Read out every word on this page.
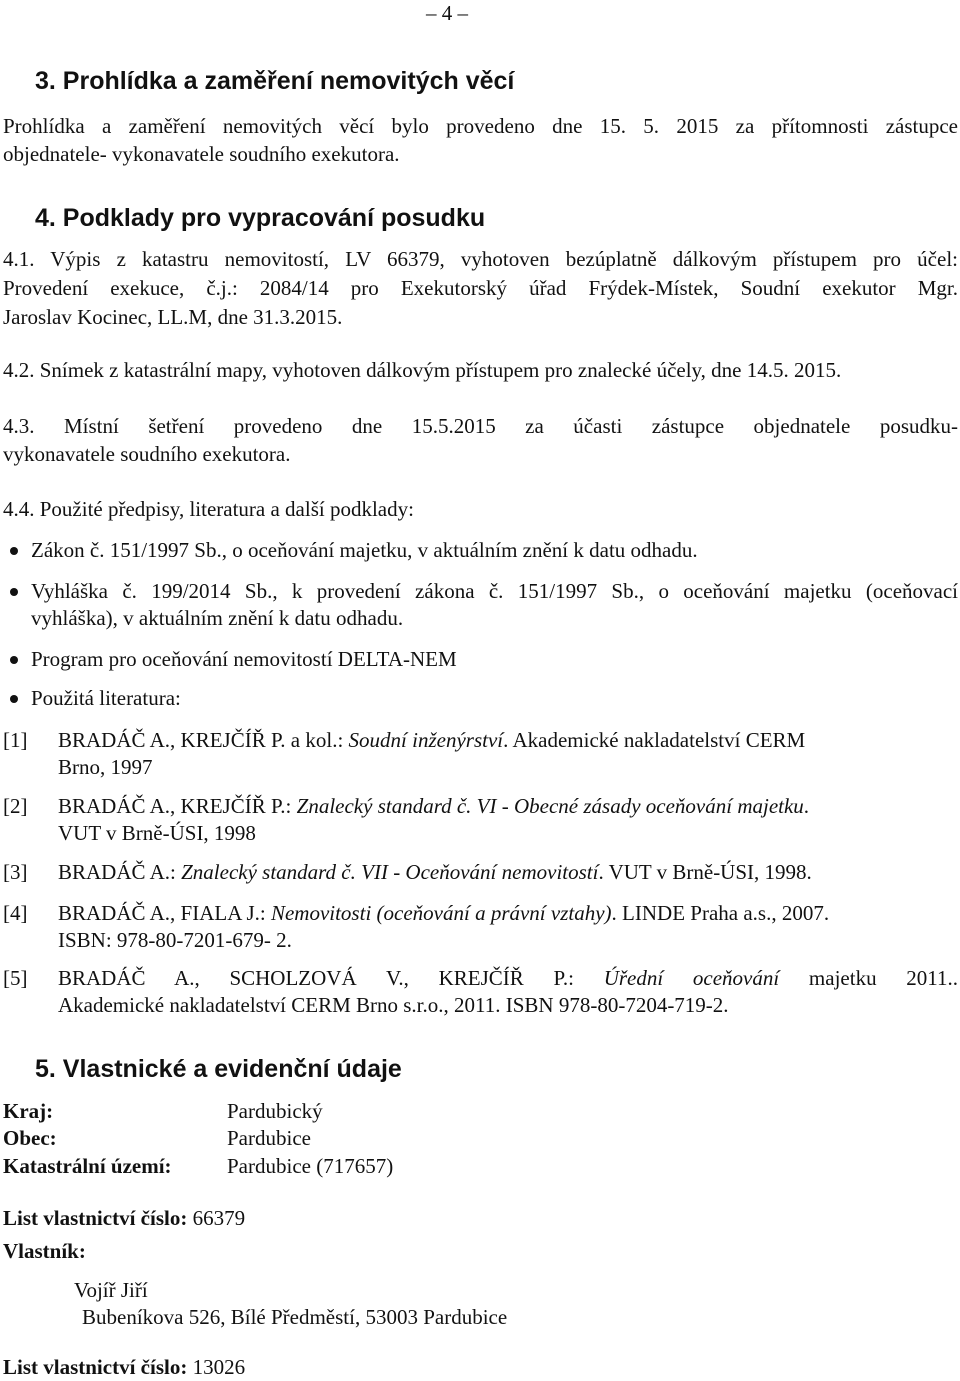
– 4 –
3. Prohlídka a zaměření nemovitých věcí
Prohlídka a zaměření nemovitých věcí bylo provedeno dne 15. 5. 2015 za přítomnosti zástupce
objednatele- vykonavatele soudního exekutora.
4. Podklady pro vypracování posudku
4.1. Výpis z katastru nemovitostí, LV 66379, vyhotoven bezúplatně dálkovým přístupem pro účel:
Provedení exekuce, č.j.: 2084/14 pro Exekutorský úřad Frýdek-Místek, Soudní exekutor Mgr.
Jaroslav Kocinec, LL.M, dne 31.3.2015.
4.2. Snímek z katastrální mapy, vyhotoven dálkovým přístupem pro znalecké účely, dne 14.5. 2015.
4.3. Místní šetření provedeno dne 15.5.2015 za účasti zástupce objednatele posudku-
vykonavatele soudního exekutora.
4.4. Použité předpisy, literatura a další podklady:
Zákon č. 151/1997 Sb., o oceňování majetku, v aktuálním znění k datu odhadu.
Vyhláška č. 199/2014 Sb., k provedení zákona č. 151/1997 Sb., o oceňování majetku (oceňovací
vyhláška), v aktuálním znění k datu odhadu.
Program pro oceňování nemovitostí DELTA-NEM
Použitá literatura:
[1] BRADÁČ A., KREJČÍŘ P. a kol.: Soudní inženýrství. Akademické nakladatelství CERM
Brno, 1997
[2] BRADÁČ A., KREJČÍŘ P.: Znalecký standard č. VI - Obecné zásady oceňování majetku.
VUT v Brně-ÚSI, 1998
[3] BRADÁČ A.: Znalecký standard č. VII - Oceňování nemovitostí. VUT v Brně-ÚSI, 1998.
[4] BRADÁČ A., FIALA J.: Nemovitosti (oceňování a právní vztahy). LINDE Praha a.s., 2007.
ISBN: 978-80-7201-679- 2.
[5] BRADÁČ A., SCHOLZOVÁ V., KREJČÍŘ P.: Úřední oceňování majetku 2011..
Akademické nakladatelství CERM Brno s.r.o., 2011. ISBN 978-80-7204-719-2.
5. Vlastnické a evidenční údaje
Kraj:	Pardubický
Obec:	Pardubice
Katastrální území:	Pardubice (717657)
List vlastnictví číslo: 66379
Vlastník:
Vojíř Jiří
Bubeníkova 526, Bílé Předměstí, 53003 Pardubice
List vlastnictví číslo: 13026
